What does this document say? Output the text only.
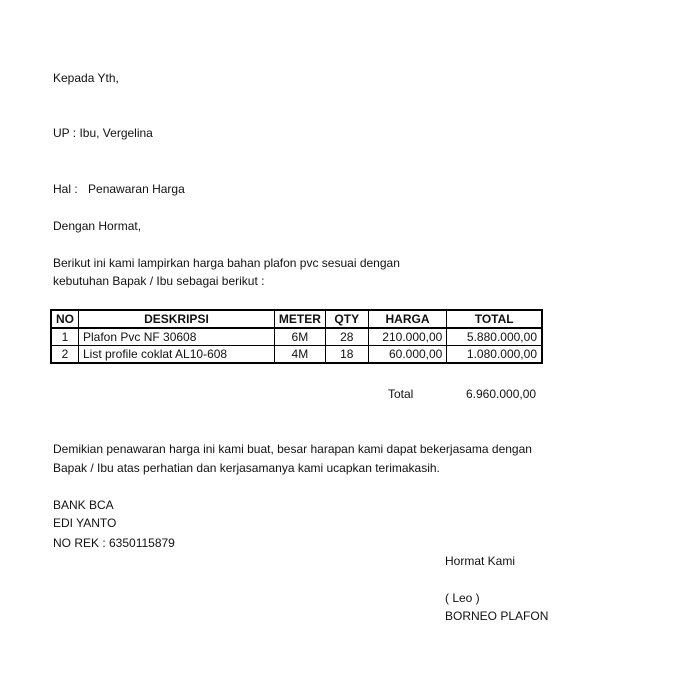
Kepada Yth,
UP : Ibu, Vergelina
Hal : Penawaran Harga
Dengan Hormat,
Berikut ini kami lampirkan harga bahan plafon pvc sesuai dengan
kebutuhan Bapak / Ibu sebagai berikut :
NO	DESKRIPSI	METER	QTY	HARGA	TOTAL
1	Plafon Pvc NF 30608	6M	28	210.000,00	5.880.000,00
2	List profile coklat AL10-608	4M	18	60.000,00	1.080.000,00
Total	6.960.000,00
Demikian penawaran harga ini kami buat, besar harapan kami dapat bekerjasama dengan
Bapak / Ibu atas perhatian dan kerjasamanya kami ucapkan terimakasih.
BANK BCA
EDI YANTO
NO REK : 6350115879
Hormat Kami
( Leo )
BORNEO PLAFON
